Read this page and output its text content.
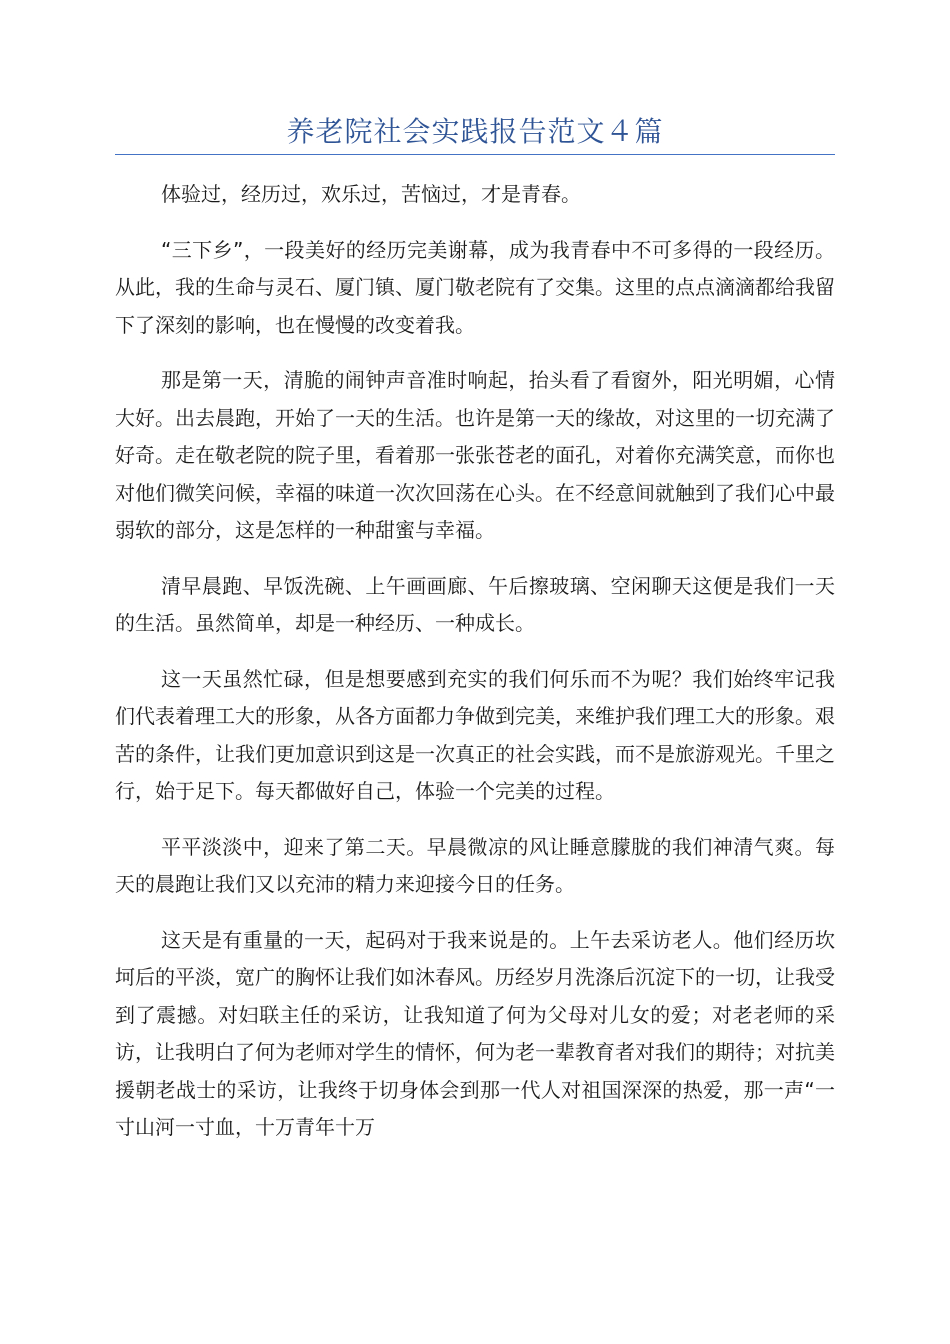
养老院社会实践报告范文４篇

体验过，经历过，欢乐过，苦恼过，才是青春。

“三下乡”，一段美好的经历完美谢幕，成为我青春中不可多得的一段经历。从此，我的生命与灵石、厦门镇、厦门敬老院有了交集。这里的点点滴滴都给我留下了深刻的影响，也在慢慢的改变着我。

那是第一天，清脆的闹钟声音准时响起，抬头看了看窗外，阳光明媚，心情大好。出去晨跑，开始了一天的生活。也许是第一天的缘故，对这里的一切充满了好奇。走在敬老院的院子里，看着那一张张苍老的面孔，对着你充满笑意，而你也对他们微笑问候，幸福的味道一次次回荡在心头。在不经意间就触到了我们心中最弱软的部分，这是怎样的一种甜蜜与幸福。

清早晨跑、早饭洗碗、上午画画廊、午后擦玻璃、空闲聊天这便是我们一天的生活。虽然简单，却是一种经历、一种成长。

这一天虽然忙碌，但是想要感到充实的我们何乐而不为呢？我们始终牢记我们代表着理工大的形象，从各方面都力争做到完美，来维护我们理工大的形象。艰苦的条件，让我们更加意识到这是一次真正的社会实践，而不是旅游观光。千里之行，始于足下。每天都做好自己，体验一个完美的过程。

平平淡淡中，迎来了第二天。早晨微凉的风让睡意朦胧的我们神清气爽。每天的晨跑让我们又以充沛的精力来迎接今日的任务。

这天是有重量的一天，起码对于我来说是的。上午去采访老人。他们经历坎坷后的平淡，宽广的胸怀让我们如沐春风。历经岁月洗涤后沉淀下的一切，让我受到了震撼。对妇联主任的采访，让我知道了何为父母对儿女的爱；对老老师的采访，让我明白了何为老师对学生的情怀，何为老一辈教育者对我们的期待；对抗美援朝老战士的采访，让我终于切身体会到那一代人对祖国深深的热爱，那一声“一寸山河一寸血，十万青年十万
